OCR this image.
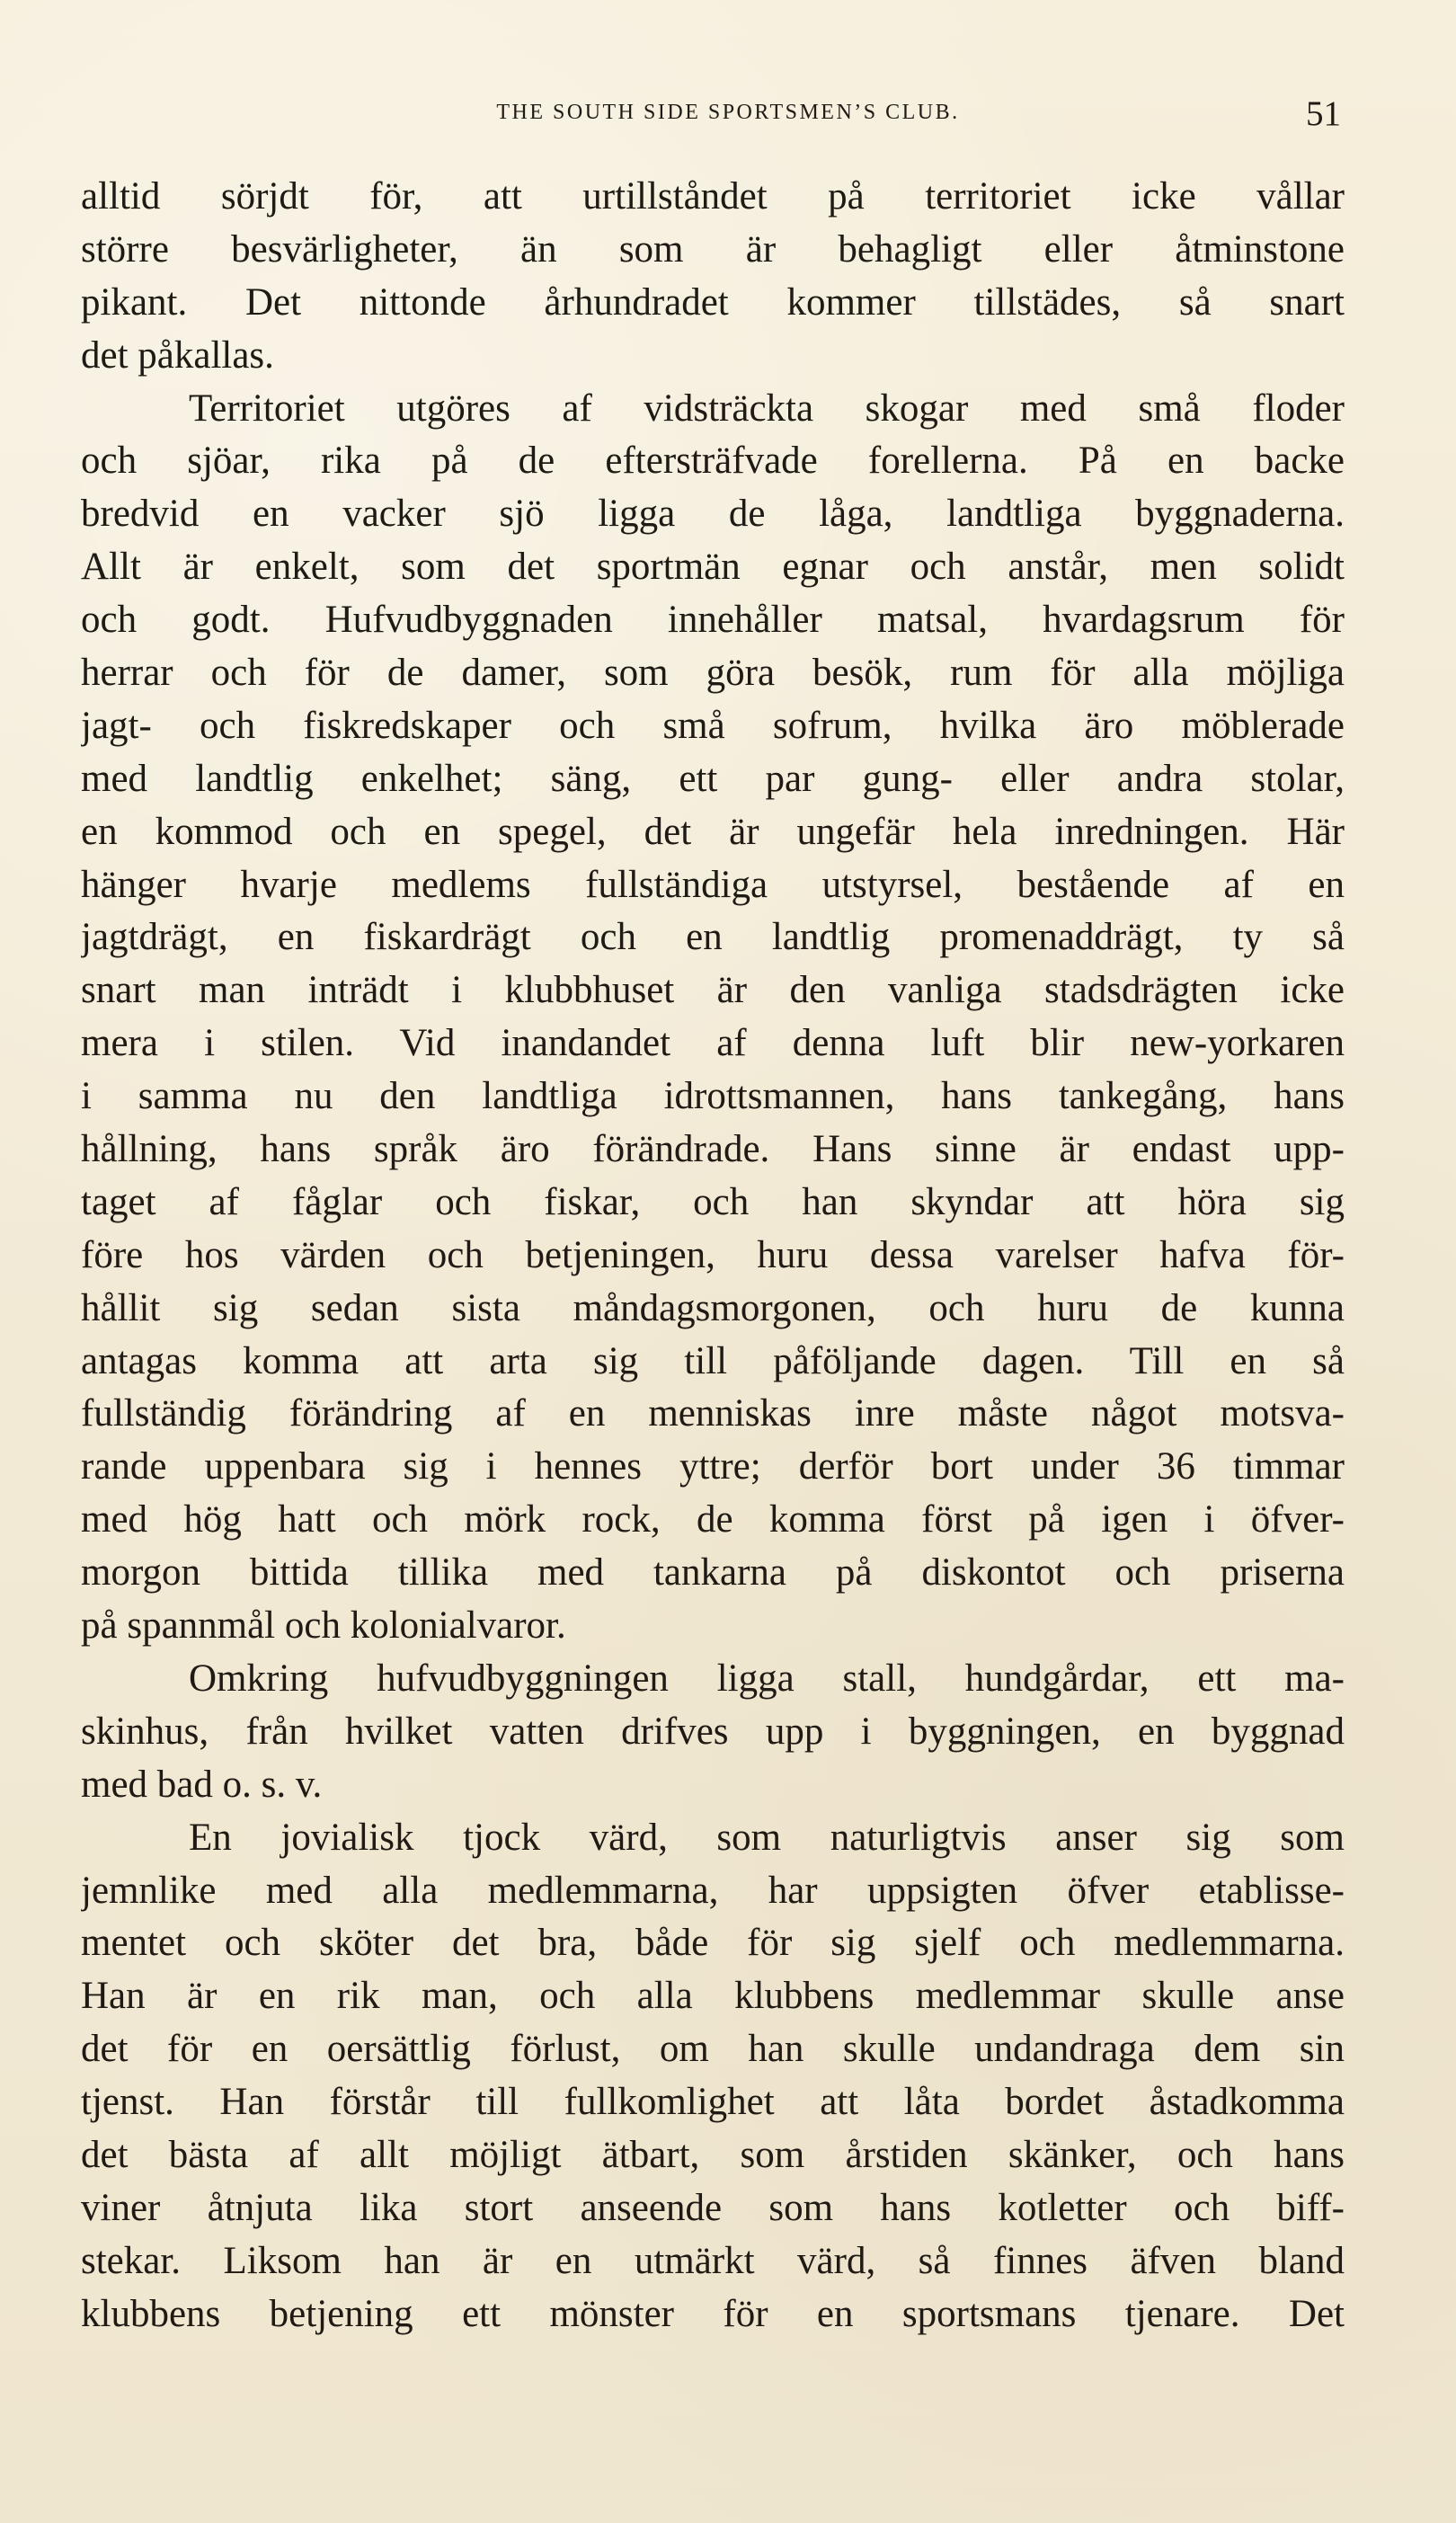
THE SOUTH SIDE SPORTSMEN’S CLUB.	51
alltid sörjdt för, att urtillståndet på territoriet icke vållar
större besvärligheter, än som är behagligt eller åtminstone
pikant. Det nittonde århundradet kommer tillstädes, så snart
det påkallas.
Territoriet utgöres af vidsträckta skogar med små floder
och sjöar, rika på de eftersträfvade forellerna. På en backe
bredvid en vacker sjö ligga de låga, landtliga byggnaderna.
Allt är enkelt, som det sportmän egnar och anstår, men solidt
och godt. Hufvudbyggnaden innehåller matsal, hvardagsrum för
herrar och för de damer, som göra besök, rum för alla möjliga
jagt- och fiskredskaper och små sofrum, hvilka äro möblerade
med landtlig enkelhet; säng, ett par gung- eller andra stolar,
en kommod och en spegel, det är ungefär hela inredningen. Här
hänger hvarje medlems fullständiga utstyrsel, bestående af en
jagtdrägt, en fiskardrägt och en landtlig promenaddrägt, ty så
snart man inträdt i klubbhuset är den vanliga stadsdrägten icke
mera i stilen. Vid inandandet af denna luft blir new-yorkaren
i samma nu den landtliga idrottsmannen, hans tankegång, hans
hållning, hans språk äro förändrade. Hans sinne är endast upp-
taget af fåglar och fiskar, och han skyndar att höra sig
före hos värden och betjeningen, huru dessa varelser hafva för-
hållit sig sedan sista måndagsmorgonen, och huru de kunna
antagas komma att arta sig till påföljande dagen. Till en så
fullständig förändring af en menniskas inre måste något motsva-
rande uppenbara sig i hennes yttre; derför bort under 36 timmar
med hög hatt och mörk rock, de komma först på igen i öfver-
morgon bittida tillika med tankarna på diskontot och priserna
på spannmål och kolonialvaror.
Omkring hufvudbyggningen ligga stall, hundgårdar, ett ma-
skinhus, från hvilket vatten drifves upp i byggningen, en byggnad
med bad o. s. v.
En jovialisk tjock värd, som naturligtvis anser sig som
jemnlike med alla medlemmarna, har uppsigten öfver etablisse-
mentet och sköter det bra, både för sig sjelf och medlemmarna.
Han är en rik man, och alla klubbens medlemmar skulle anse
det för en oersättlig förlust, om han skulle undandraga dem sin
tjenst. Han förstår till fullkomlighet att låta bordet åstadkomma
det bästa af allt möjligt ätbart, som årstiden skänker, och hans
viner åtnjuta lika stort anseende som hans kotletter och biff-
stekar. Liksom han är en utmärkt värd, så finnes äfven bland
klubbens betjening ett mönster för en sportsmans tjenare. Det
